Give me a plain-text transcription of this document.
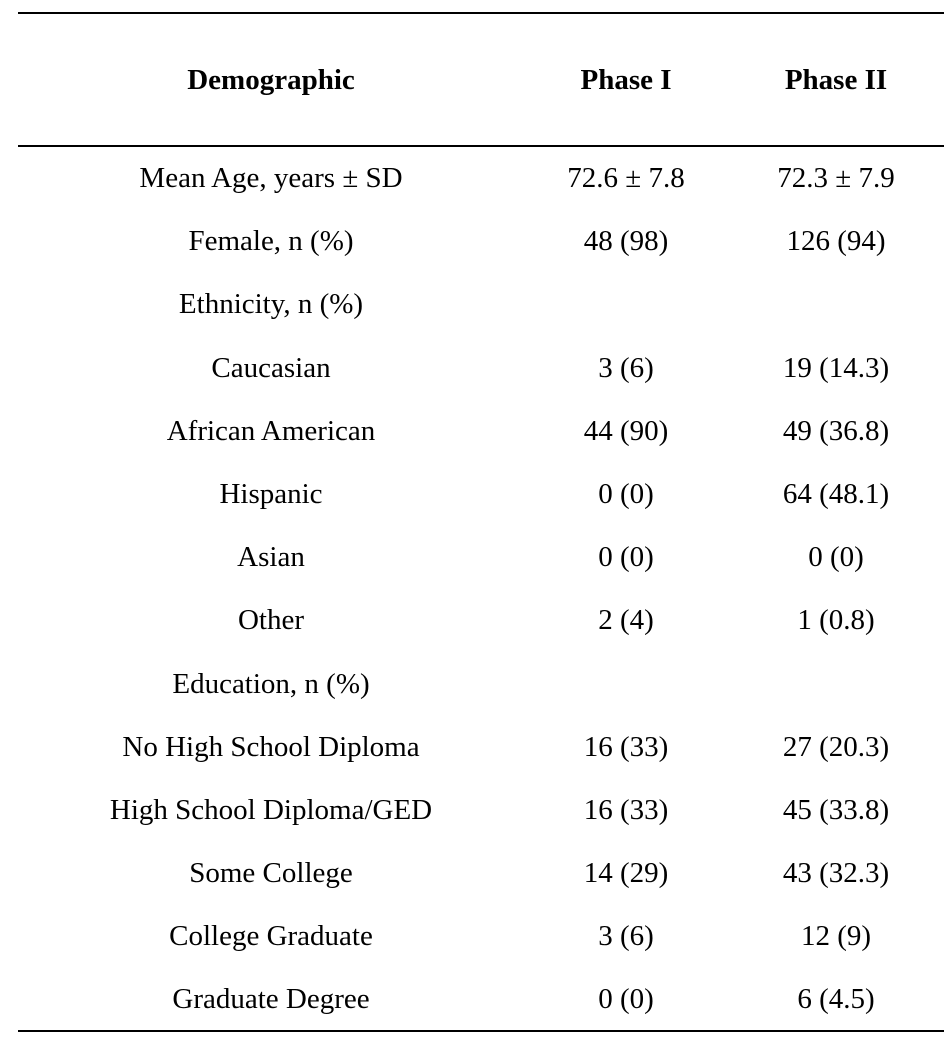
Demographic	Phase I	Phase II
Mean Age, years ± SD	72.6 ± 7.8	72.3 ± 7.9
Female, n (%)	48 (98)	126 (94)
Ethnicity, n (%)
Caucasian	3 (6)	19 (14.3)
African American	44 (90)	49 (36.8)
Hispanic	0 (0)	64 (48.1)
Asian	0 (0)	0 (0)
Other	2 (4)	1 (0.8)
Education, n (%)
No High School Diploma	16 (33)	27 (20.3)
High School Diploma/GED	16 (33)	45 (33.8)
Some College	14 (29)	43 (32.3)
College Graduate	3 (6)	12 (9)
Graduate Degree	0 (0)	6 (4.5)
